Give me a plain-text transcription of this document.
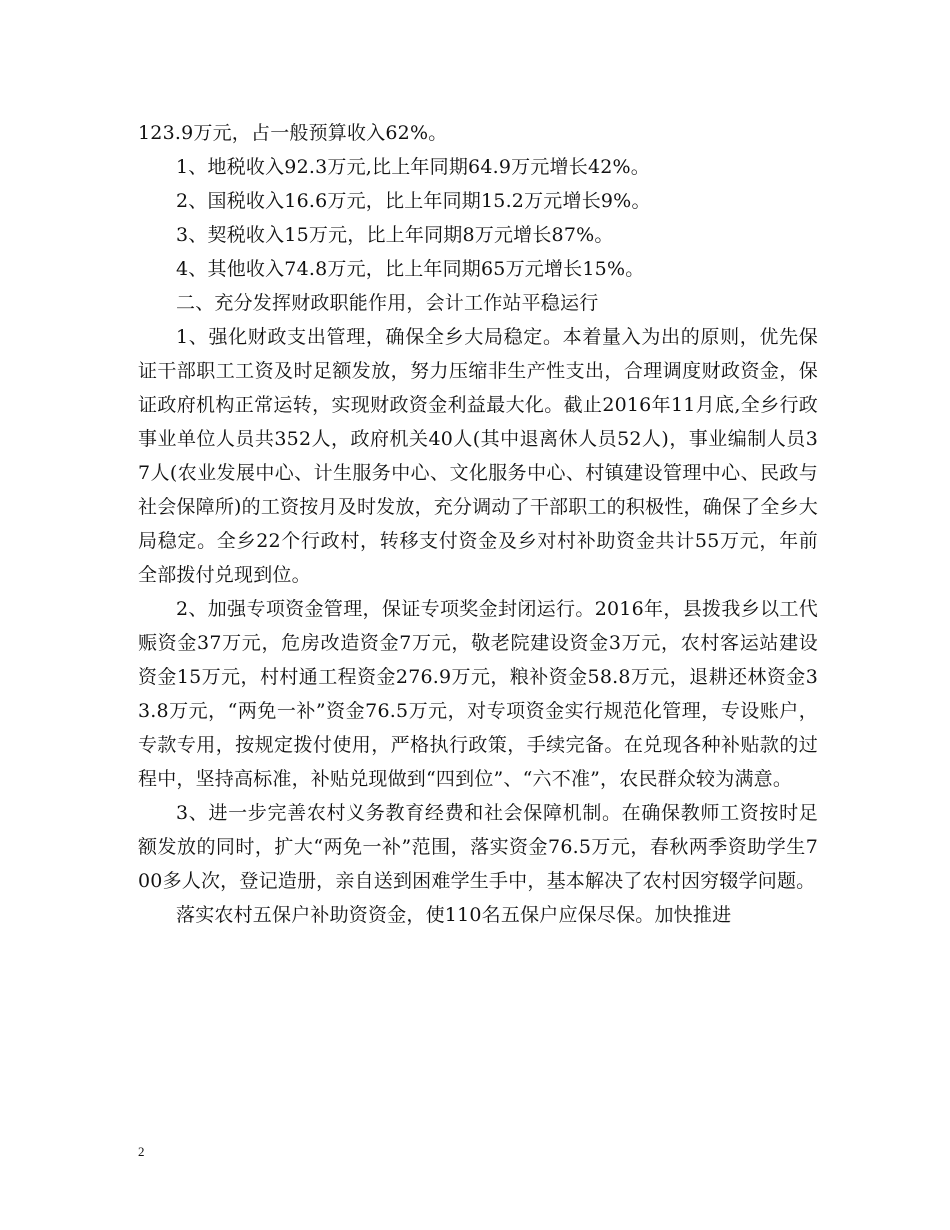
123.9万元，占一般预算收入62%。

1、地税收入92.3万元,比上年同期64.9万元增长42%。

2、国税收入16.6万元，比上年同期15.2万元增长9%。

3、契税收入15万元，比上年同期8万元增长87%。

4、其他收入74.8万元，比上年同期65万元增长15%。

二、充分发挥财政职能作用，会计工作站平稳运行

1、强化财政支出管理，确保全乡大局稳定。本着量入为出的原则，优先保证干部职工工资及时足额发放，努力压缩非生产性支出，合理调度财政资金，保证政府机构正常运转，实现财政资金利益最大化。截止2016年11月底,全乡行政事业单位人员共352人，政府机关40人(其中退离休人员52人)，事业编制人员37人(农业发展中心、计生服务中心、文化服务中心、村镇建设管理中心、民政与社会保障所)的工资按月及时发放，充分调动了干部职工的积极性，确保了全乡大局稳定。全乡22个行政村，转移支付资金及乡对村补助资金共计55万元，年前全部拨付兑现到位。

2、加强专项资金管理，保证专项奖金封闭运行。2016年，县拨我乡以工代赈资金37万元，危房改造资金7万元，敬老院建设资金3万元，农村客运站建设资金15万元，村村通工程资金276.9万元，粮补资金58.8万元，退耕还林资金33.8万元，“两免一补”资金76.5万元，对专项资金实行规范化管理，专设账户，专款专用，按规定拨付使用，严格执行政策，手续完备。在兑现各种补贴款的过程中，坚持高标准，补贴兑现做到“四到位”、“六不准”，农民群众较为满意。

3、进一步完善农村义务教育经费和社会保障机制。在确保教师工资按时足额发放的同时，扩大“两免一补”范围，落实资金76.5万元，春秋两季资助学生700多人次，登记造册，亲自送到困难学生手中，基本解决了农村因穷辍学问题。

落实农村五保户补助资资金，使110名五保户应保尽保。加快推进

2
